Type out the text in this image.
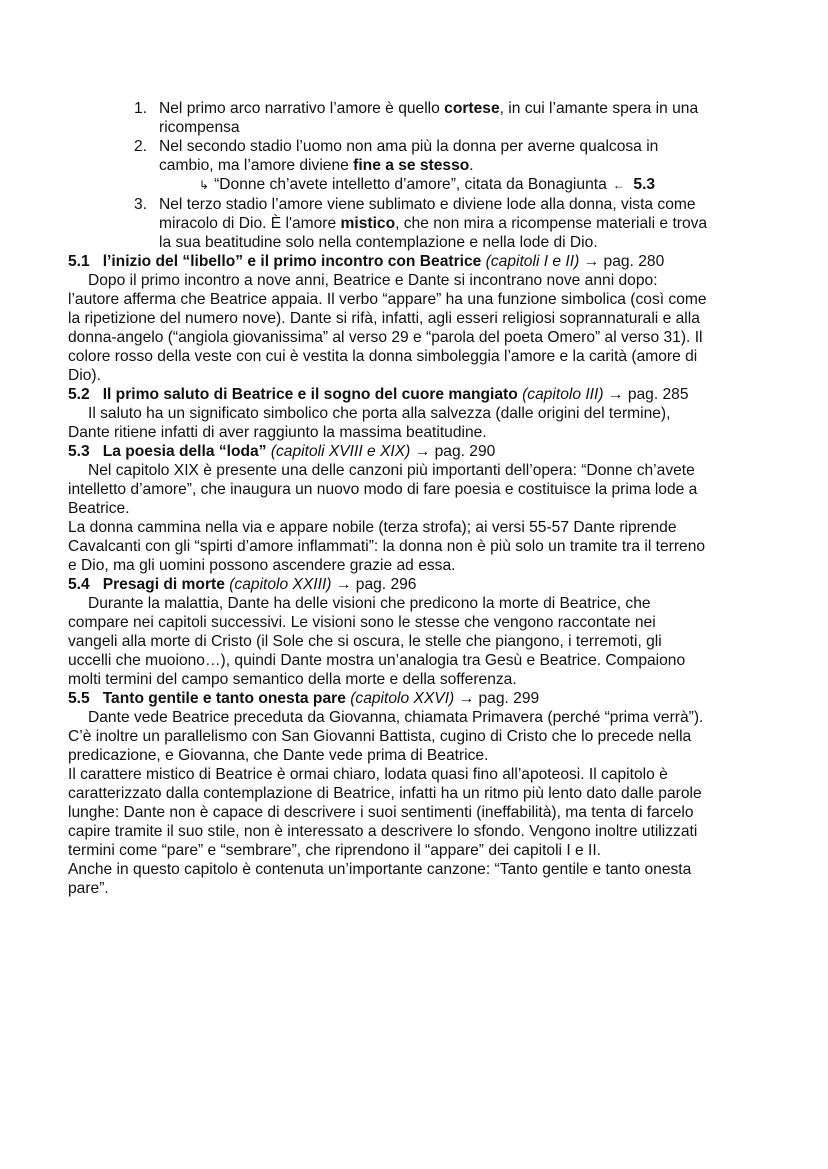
1. Nel primo arco narrativo l’amore è quello cortese, in cui l’amante spera in una ricompensa
2. Nel secondo stadio l’uomo non ama più la donna per averne qualcosa in cambio, ma l’amore diviene fine a se stesso.
↳ “Donne ch’avete intelletto d’amore”, citata da Bonagiunta ← 5.3
3. Nel terzo stadio l’amore viene sublimato e diviene lode alla donna, vista come miracolo di Dio. È l'amore mistico, che non mira a ricompense materiali e trova la sua beatitudine solo nella contemplazione e nella lode di Dio.
5.1 l’inizio del “libello” e il primo incontro con Beatrice (capitoli I e II) → pag. 280
Dopo il primo incontro a nove anni, Beatrice e Dante si incontrano nove anni dopo: l’autore afferma che Beatrice appaia. Il verbo “appare” ha una funzione simbolica (così come la ripetizione del numero nove). Dante si rifà, infatti, agli esseri religiosi soprannaturali e alla donna-angelo (“angiola giovanissima” al verso 29 e “parola del poeta Omero” al verso 31). Il colore rosso della veste con cui è vestita la donna simboleggia l’amore e la carità (amore di Dio).
5.2 Il primo saluto di Beatrice e il sogno del cuore mangiato (capitolo III) → pag. 285
Il saluto ha un significato simbolico che porta alla salvezza (dalle origini del termine), Dante ritiene infatti di aver raggiunto la massima beatitudine.
5.3 La poesia della “loda” (capitoli XVIII e XIX) → pag. 290
Nel capitolo XIX è presente una delle canzoni più importanti dell’opera: “Donne ch’avete intelletto d’amore”, che inaugura un nuovo modo di fare poesia e costituisce la prima lode a Beatrice.
La donna cammina nella via e appare nobile (terza strofa); ai versi 55-57 Dante riprende Cavalcanti con gli “spirti d’amore inflammati”: la donna non è più solo un tramite tra il terreno e Dio, ma gli uomini possono ascendere grazie ad essa.
5.4 Presagi di morte (capitolo XXIII) → pag. 296
Durante la malattia, Dante ha delle visioni che predicono la morte di Beatrice, che compare nei capitoli successivi. Le visioni sono le stesse che vengono raccontate nei vangeli alla morte di Cristo (il Sole che si oscura, le stelle che piangono, i terremoti, gli uccelli che muoiono…), quindi Dante mostra un’analogia tra Gesù e Beatrice. Compaiono molti termini del campo semantico della morte e della sofferenza.
5.5 Tanto gentile e tanto onesta pare (capitolo XXVI) → pag. 299
Dante vede Beatrice preceduta da Giovanna, chiamata Primavera (perché “prima verrà”). C’è inoltre un parallelismo con San Giovanni Battista, cugino di Cristo che lo precede nella predicazione, e Giovanna, che Dante vede prima di Beatrice.
Il carattere mistico di Beatrice è ormai chiaro, lodata quasi fino all’apoteosi. Il capitolo è caratterizzato dalla contemplazione di Beatrice, infatti ha un ritmo più lento dato dalle parole lunghe: Dante non è capace di descrivere i suoi sentimenti (ineffabilità), ma tenta di farcelo capire tramite il suo stile, non è interessato a descrivere lo sfondo. Vengono inoltre utilizzati termini come “pare” e “sembrare”, che riprendono il “appare” dei capitoli I e II.
Anche in questo capitolo è contenuta un’importante canzone: “Tanto gentile e tanto onesta pare”.
